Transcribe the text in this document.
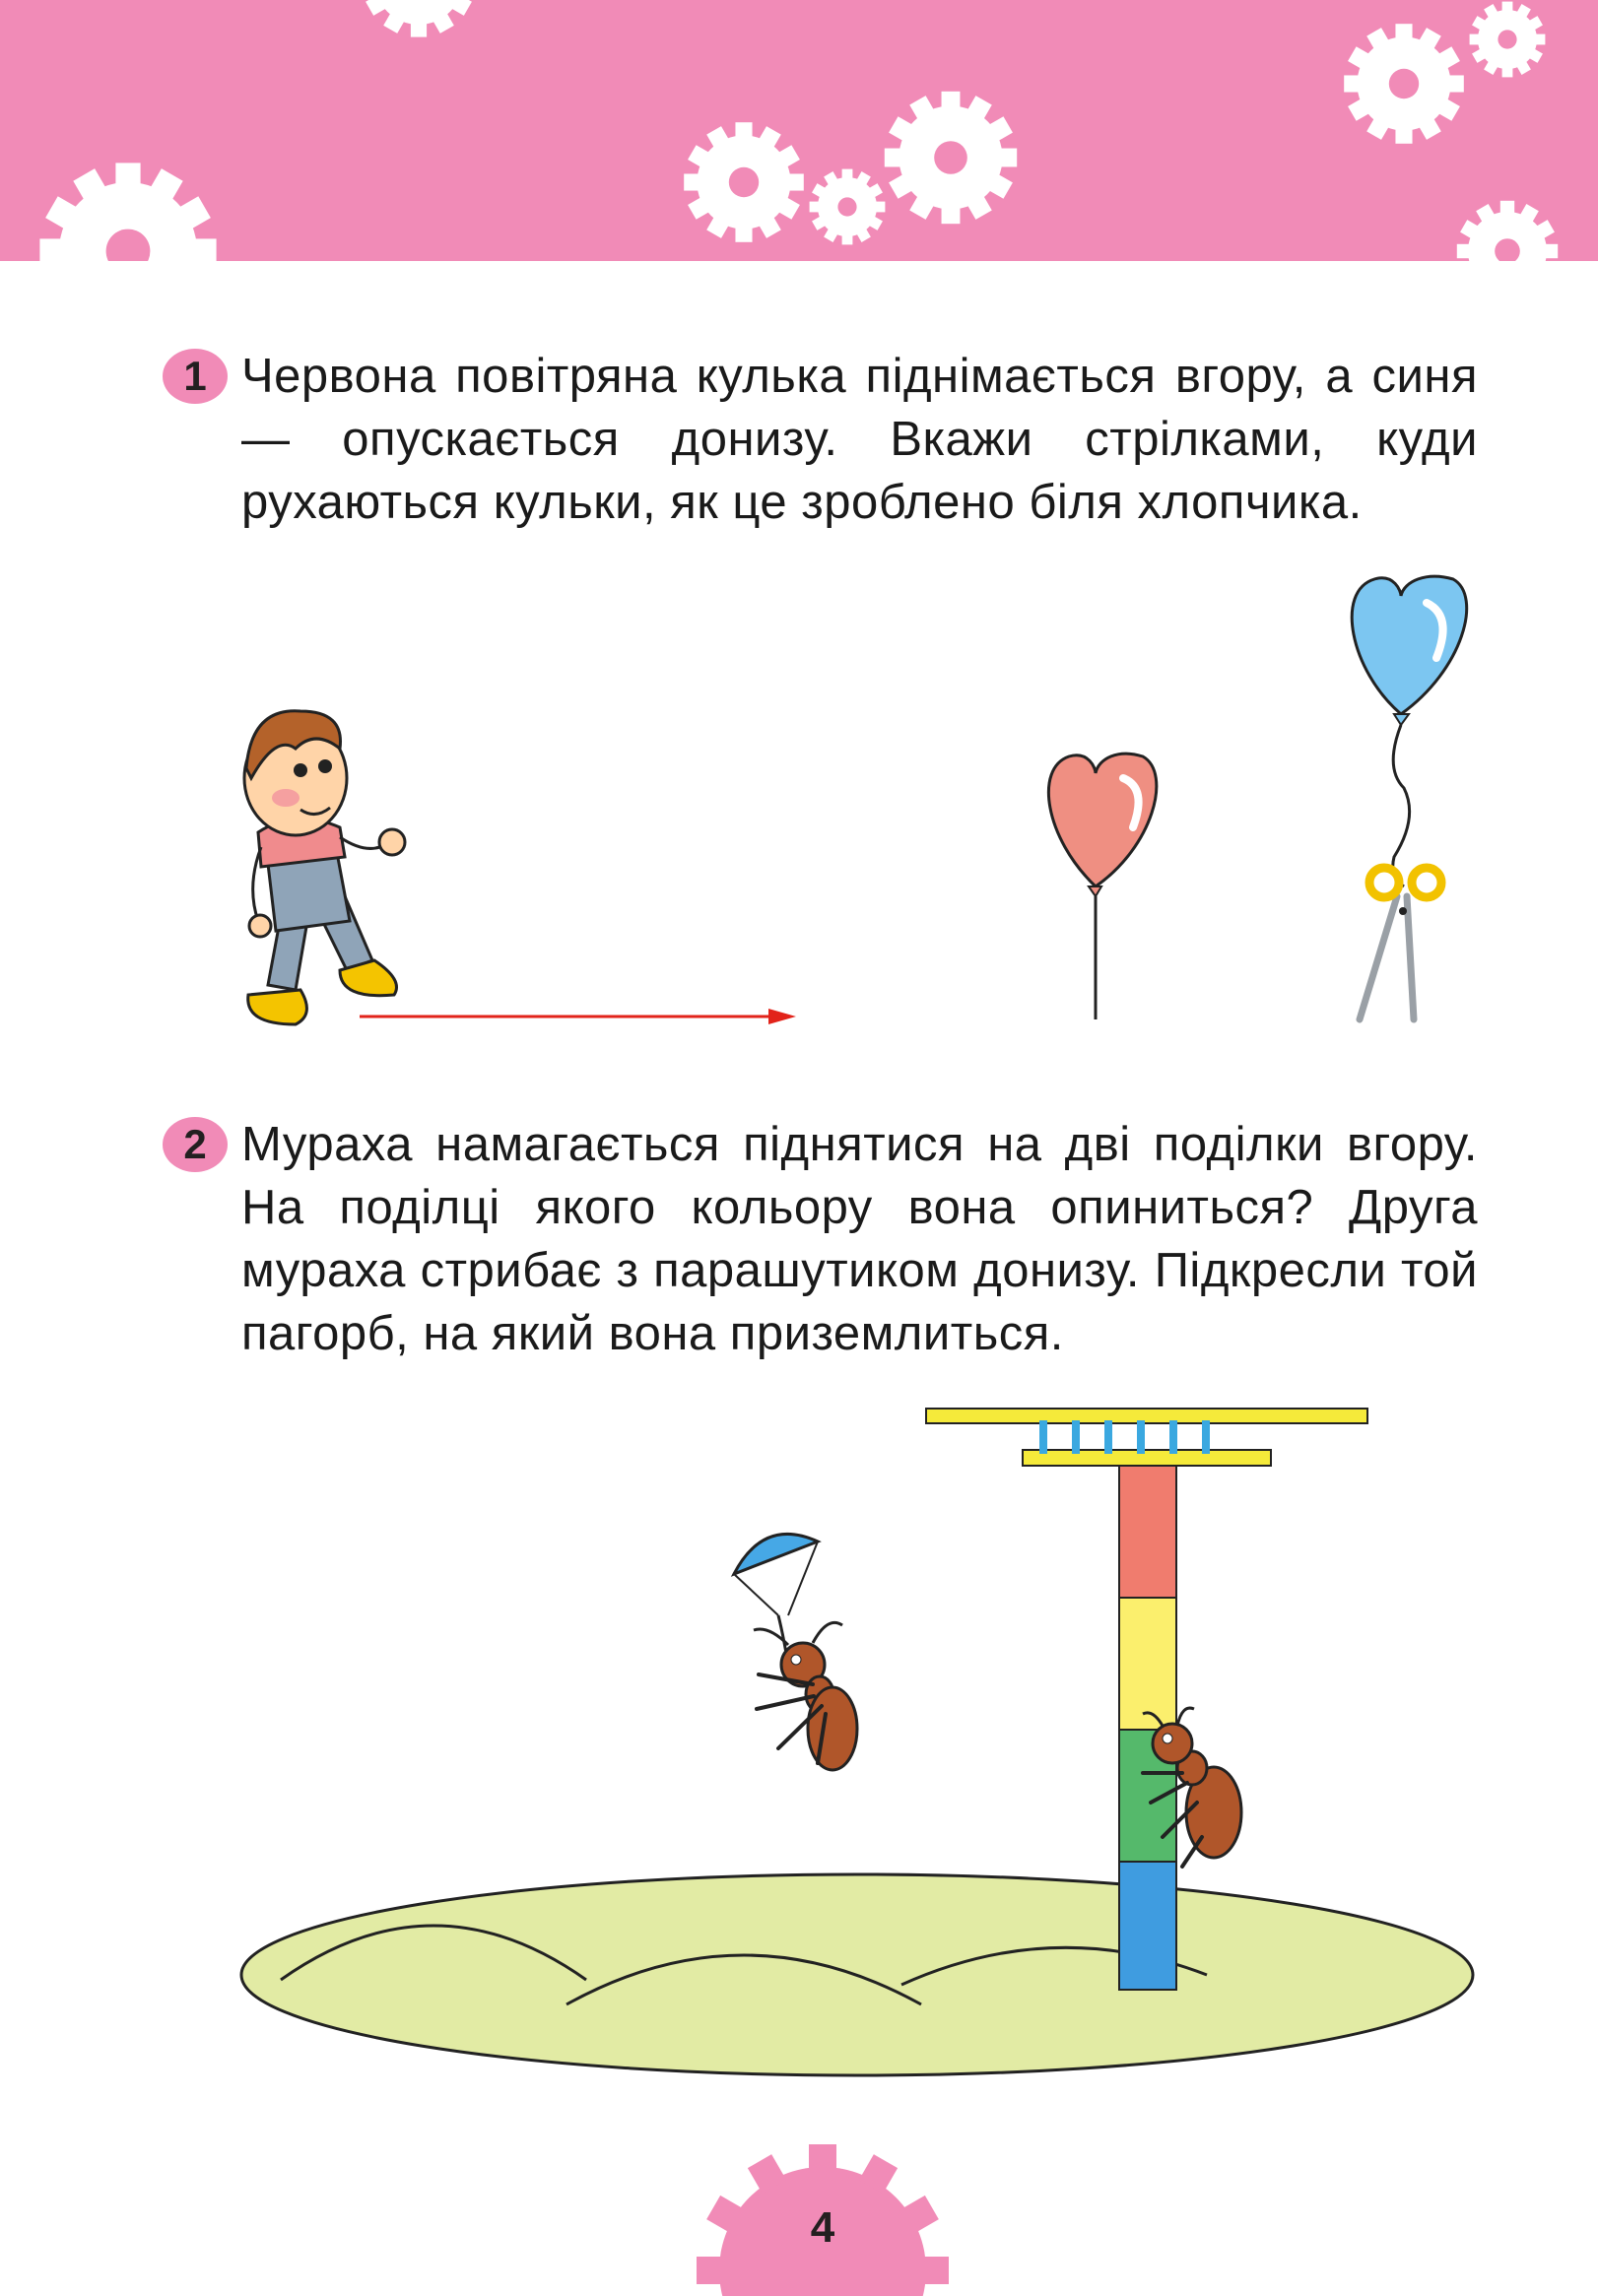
1 Червона повітряна кулька піднімається вгору, а синя — опускається донизу. Вкажи стрілками, куди рухаються кульки, як це зроблено біля хлопчика.
2 Мураха намагається піднятися на дві поділки вгору. На поділці якого кольору вона опиниться? Друга мураха стрибає з парашутиком донизу. Підкресли той пагорб, на який вона приземлиться.
4
